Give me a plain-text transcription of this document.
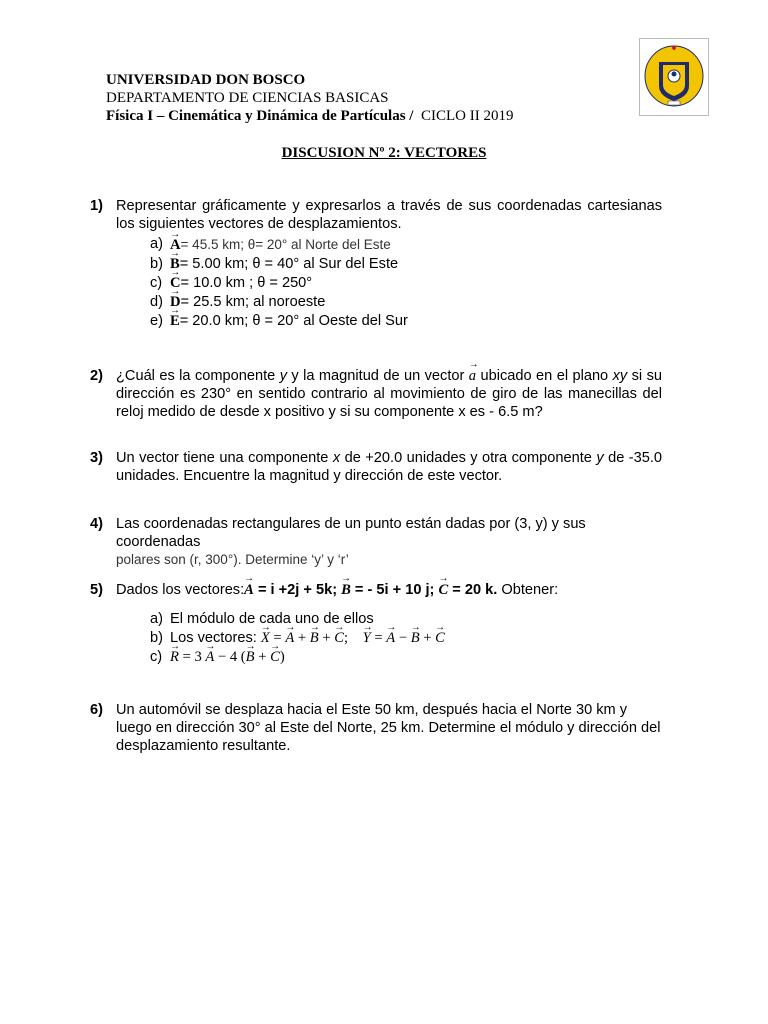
UNIVERSIDAD DON BOSCO
DEPARTAMENTO DE CIENCIAS BASICAS
Física I – Cinemática y Dinámica de Partículas / CICLO II 2019
DISCUSION Nº 2: VECTORES
1) Representar gráficamente y expresarlos a través de sus coordenadas cartesianas los siguientes vectores de desplazamientos.

a) → A= 45.5 km; θ= 20° al Norte del Este
b) → B= 5.00 km; θ = 40° al Sur del Este
c) → C= 10.0 km ; θ = 250°
d) → D= 25.5 km; al noroeste
e) → E= 20.0 km; θ = 20° al Oeste del Sur
2) ¿Cuál es la componente y y la magnitud de un vector → a ubicado en el plano xy si su dirección es 230° en sentido contrario al movimiento de giro de las manecillas del reloj medido de desde x positivo y si su componente x es - 6.5 m?
3) Un vector tiene una componente x de +20.0 unidades y otra componente y de -35.0 unidades. Encuentre la magnitud y dirección de este vector.
4) Las coordenadas rectangulares de un punto están dadas por (3, y) y sus coordenadas
polares son (r, 300°). Determine ‘y’ y ‘r’
5) Dados los vectores:→ A = i +2j + 5k; → B = - 5i + 10 j; → C = 20 k. Obtener:
a) El módulo de cada uno de ellos
b) Los vectores: → X = → A + → B + → C;    → Y = → A − → B + → C
c) → R = 3 → A − 4 (→ B + → C)
6) Un automóvil se desplaza hacia el Este 50 km, después hacia el Norte 30 km y luego en dirección 30° al Este del Norte, 25 km. Determine el módulo y dirección del desplazamiento resultante.
